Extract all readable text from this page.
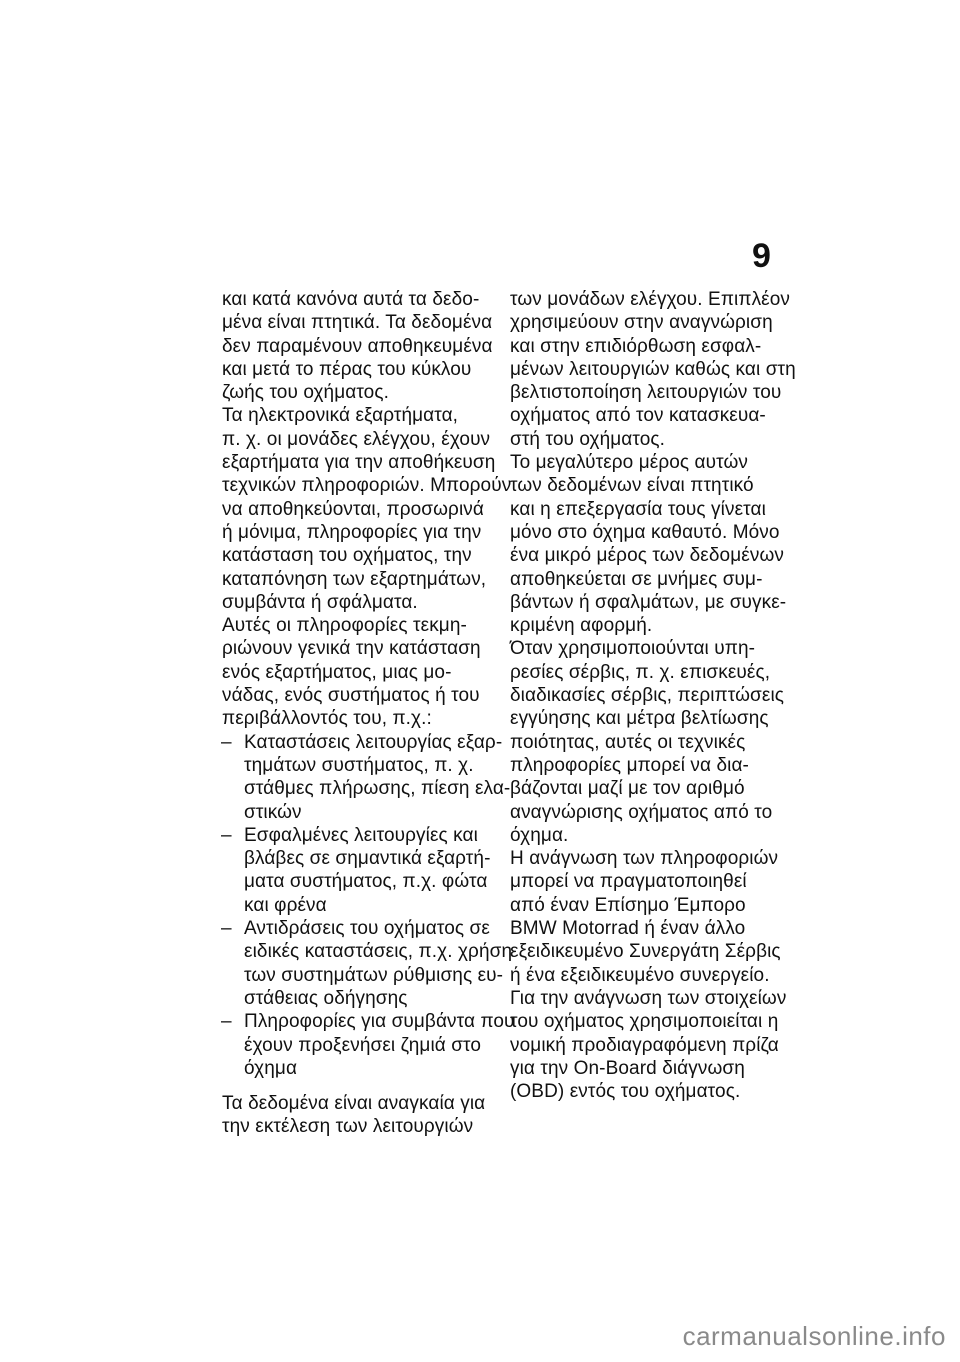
9
και κατά κανόνα αυτά τα δεδο-
μένα είναι πτητικά. Τα δεδομένα
δεν παραμένουν αποθηκευμένα
και μετά το πέρας του κύκλου
ζωής του οχήματος.
Τα ηλεκτρονικά εξαρτήματα,
π. χ. οι μονάδες ελέγχου, έχουν
εξαρτήματα για την αποθήκευση
τεχνικών πληροφοριών. Μπορούν
να αποθηκεύονται, προσωρινά
ή μόνιμα, πληροφορίες για την
κατάσταση του οχήματος, την
καταπόνηση των εξαρτημάτων,
συμβάντα ή σφάλματα.
Αυτές οι πληροφορίες τεκμη-
ριώνουν γενικά την κατάσταση
ενός εξαρτήματος, μιας μο-
νάδας, ενός συστήματος ή του
περιβάλλοντός του, π.χ.:
– Καταστάσεις λειτουργίας εξαρ-
τημάτων συστήματος, π. χ.
στάθμες πλήρωσης, πίεση ελα-
στικών
– Εσφαλμένες λειτουργίες και
βλάβες σε σημαντικά εξαρτή-
ματα συστήματος, π.χ. φώτα
και φρένα
– Αντιδράσεις του οχήματος σε
ειδικές καταστάσεις, π.χ. χρήση
των συστημάτων ρύθμισης ευ-
στάθειας οδήγησης
– Πληροφορίες για συμβάντα που
έχουν προξενήσει ζημιά στο
όχημα
Τα δεδομένα είναι αναγκαία για
την εκτέλεση των λειτουργιών
των μονάδων ελέγχου. Επιπλέον
χρησιμεύουν στην αναγνώριση
και στην επιδιόρθωση εσφαλ-
μένων λειτουργιών καθώς και στη
βελτιστοποίηση λειτουργιών του
οχήματος από τον κατασκευα-
στή του οχήματος.
Το μεγαλύτερο μέρος αυτών
των δεδομένων είναι πτητικό
και η επεξεργασία τους γίνεται
μόνο στο όχημα καθαυτό. Μόνο
ένα μικρό μέρος των δεδομένων
αποθηκεύεται σε μνήμες συμ-
βάντων ή σφαλμάτων, με συγκε-
κριμένη αφορμή.
Όταν χρησιμοποιούνται υπη-
ρεσίες σέρβις, π. χ. επισκευές,
διαδικασίες σέρβις, περιπτώσεις
εγγύησης και μέτρα βελτίωσης
ποιότητας, αυτές οι τεχνικές
πληροφορίες μπορεί να δια-
βάζονται μαζί με τον αριθμό
αναγνώρισης οχήματος από το
όχημα.
Η ανάγνωση των πληροφοριών
μπορεί να πραγματοποιηθεί
από έναν Επίσημο Έμπορο
BMW Motorrad ή έναν άλλο
εξειδικευμένο Συνεργάτη Σέρβις
ή ένα εξειδικευμένο συνεργείο.
Για την ανάγνωση των στοιχείων
του οχήματος χρησιμοποιείται η
νομική προδιαγραφόμενη πρίζα
για την On-Board διάγνωση
(OBD) εντός του οχήματος.
carmanualsonline.info
